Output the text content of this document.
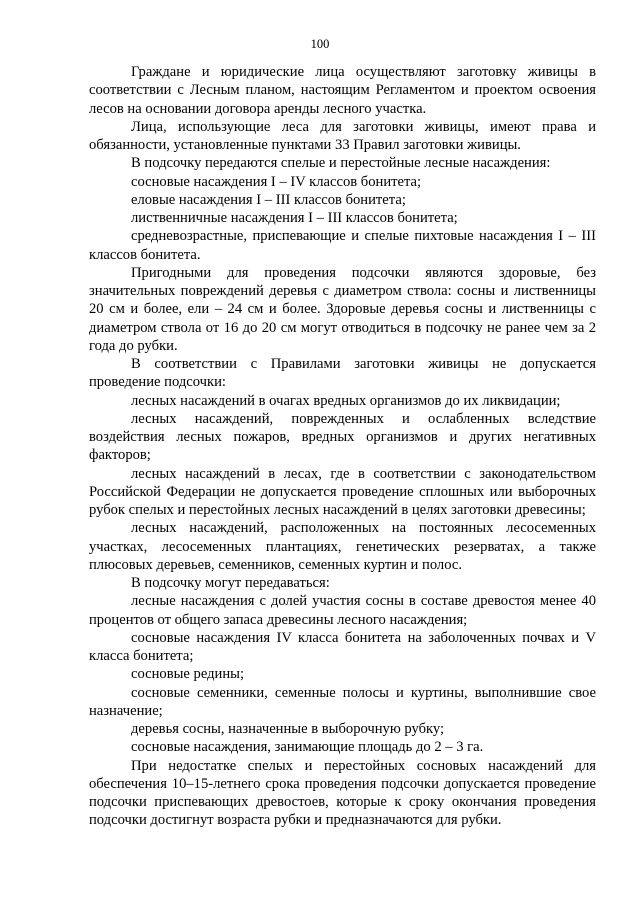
100

Граждане и юридические лица осуществляют заготовку живицы в соответствии с Лесным планом, настоящим Регламентом и проектом освоения лесов на основании договора аренды лесного участка.

Лица, использующие леса для заготовки живицы, имеют права и обязанности, установленные пунктами 33 Правил заготовки живицы.

В подсочку передаются спелые и перестойные лесные насаждения:

сосновые насаждения I – IV классов бонитета;

еловые насаждения I – III классов бонитета;

лиственничные насаждения I – III классов бонитета;

средневозрастные, приспевающие и спелые пихтовые насаждения I – III классов бонитета.

Пригодными для проведения подсочки являются здоровые, без значительных повреждений деревья с диаметром ствола: сосны и лиственницы 20 см и более, ели – 24 см и более. Здоровые деревья сосны и лиственницы с диаметром ствола от 16 до 20 см могут отводиться в подсочку не ранее чем за 2 года до рубки.

В соответствии с Правилами заготовки живицы не допускается проведение подсочки:

лесных насаждений в очагах вредных организмов до их ликвидации;

лесных насаждений, поврежденных и ослабленных вследствие воздействия лесных пожаров, вредных организмов и других негативных факторов;

лесных насаждений в лесах, где в соответствии с законодательством Российской Федерации не допускается проведение сплошных или выборочных рубок спелых и перестойных лесных насаждений в целях заготовки древесины;

лесных насаждений, расположенных на постоянных лесосеменных участках, лесосеменных плантациях, генетических резерватах, а также плюсовых деревьев, семенников, семенных куртин и полос.

В подсочку могут передаваться:

лесные насаждения с долей участия сосны в составе древостоя менее 40 процентов от общего запаса древесины лесного насаждения;

сосновые насаждения IV класса бонитета на заболоченных почвах и V класса бонитета;

сосновые редины;

сосновые семенники, семенные полосы и куртины, выполнившие свое назначение;

деревья сосны, назначенные в выборочную рубку;

сосновые насаждения, занимающие площадь до 2 – 3 га.

При недостатке спелых и перестойных сосновых насаждений для обеспечения 10–15-летнего срока проведения подсочки допускается проведение подсочки приспевающих древостоев, которые к сроку окончания проведения подсочки достигнут возраста рубки и предназначаются для рубки.
